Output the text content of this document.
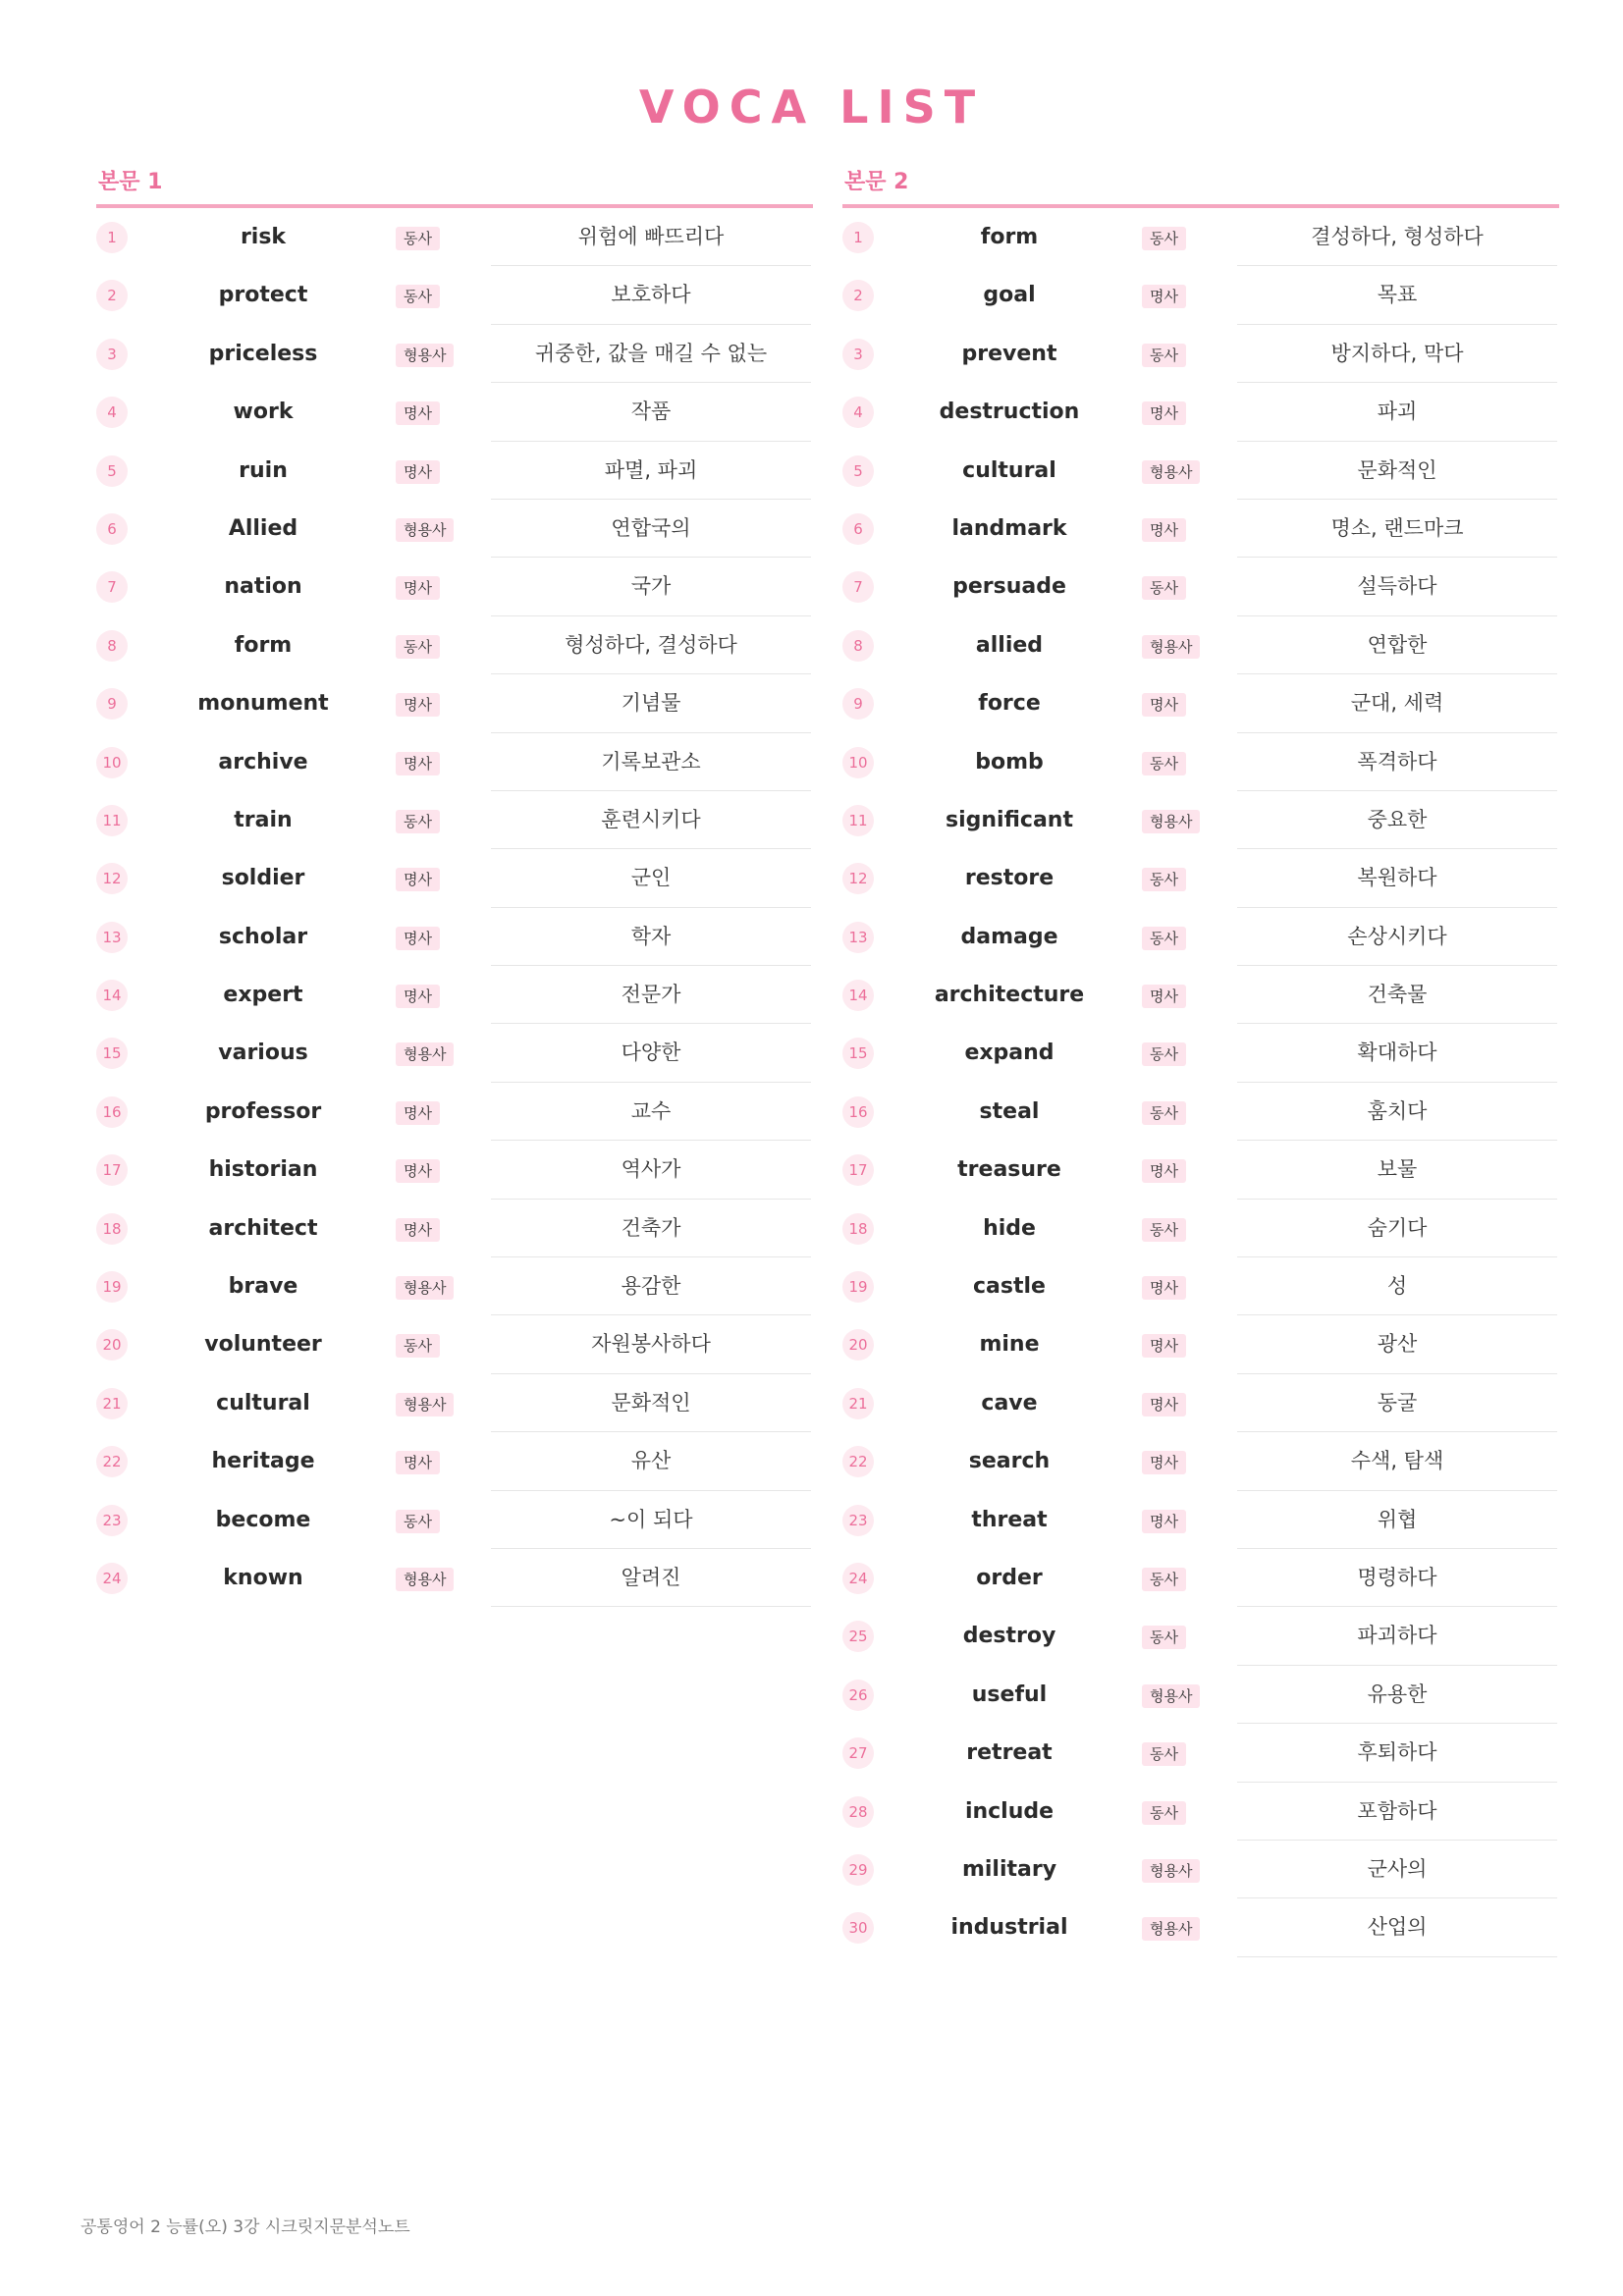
VOCA LIST
본문 1
1	risk	동사	위험에 빠뜨리다
2	protect	동사	보호하다
3	priceless	형용사	귀중한, 값을 매길 수 없는
4	work	명사	작품
5	ruin	명사	파멸, 파괴
6	Allied	형용사	연합국의
7	nation	명사	국가
8	form	동사	형성하다, 결성하다
9	monument	명사	기념물
10	archive	명사	기록보관소
11	train	동사	훈련시키다
12	soldier	명사	군인
13	scholar	명사	학자
14	expert	명사	전문가
15	various	형용사	다양한
16	professor	명사	교수
17	historian	명사	역사가
18	architect	명사	건축가
19	brave	형용사	용감한
20	volunteer	동사	자원봉사하다
21	cultural	형용사	문화적인
22	heritage	명사	유산
23	become	동사	~이 되다
24	known	형용사	알려진
본문 2
1	form	동사	결성하다, 형성하다
2	goal	명사	목표
3	prevent	동사	방지하다, 막다
4	destruction	명사	파괴
5	cultural	형용사	문화적인
6	landmark	명사	명소, 랜드마크
7	persuade	동사	설득하다
8	allied	형용사	연합한
9	force	명사	군대, 세력
10	bomb	동사	폭격하다
11	significant	형용사	중요한
12	restore	동사	복원하다
13	damage	동사	손상시키다
14	architecture	명사	건축물
15	expand	동사	확대하다
16	steal	동사	훔치다
17	treasure	명사	보물
18	hide	동사	숨기다
19	castle	명사	성
20	mine	명사	광산
21	cave	명사	동굴
22	search	명사	수색, 탐색
23	threat	명사	위협
24	order	동사	명령하다
25	destroy	동사	파괴하다
26	useful	형용사	유용한
27	retreat	동사	후퇴하다
28	include	동사	포함하다
29	military	형용사	군사의
30	industrial	형용사	산업의
공통영어 2 능률(오) 3강 시크릿지문분석노트
